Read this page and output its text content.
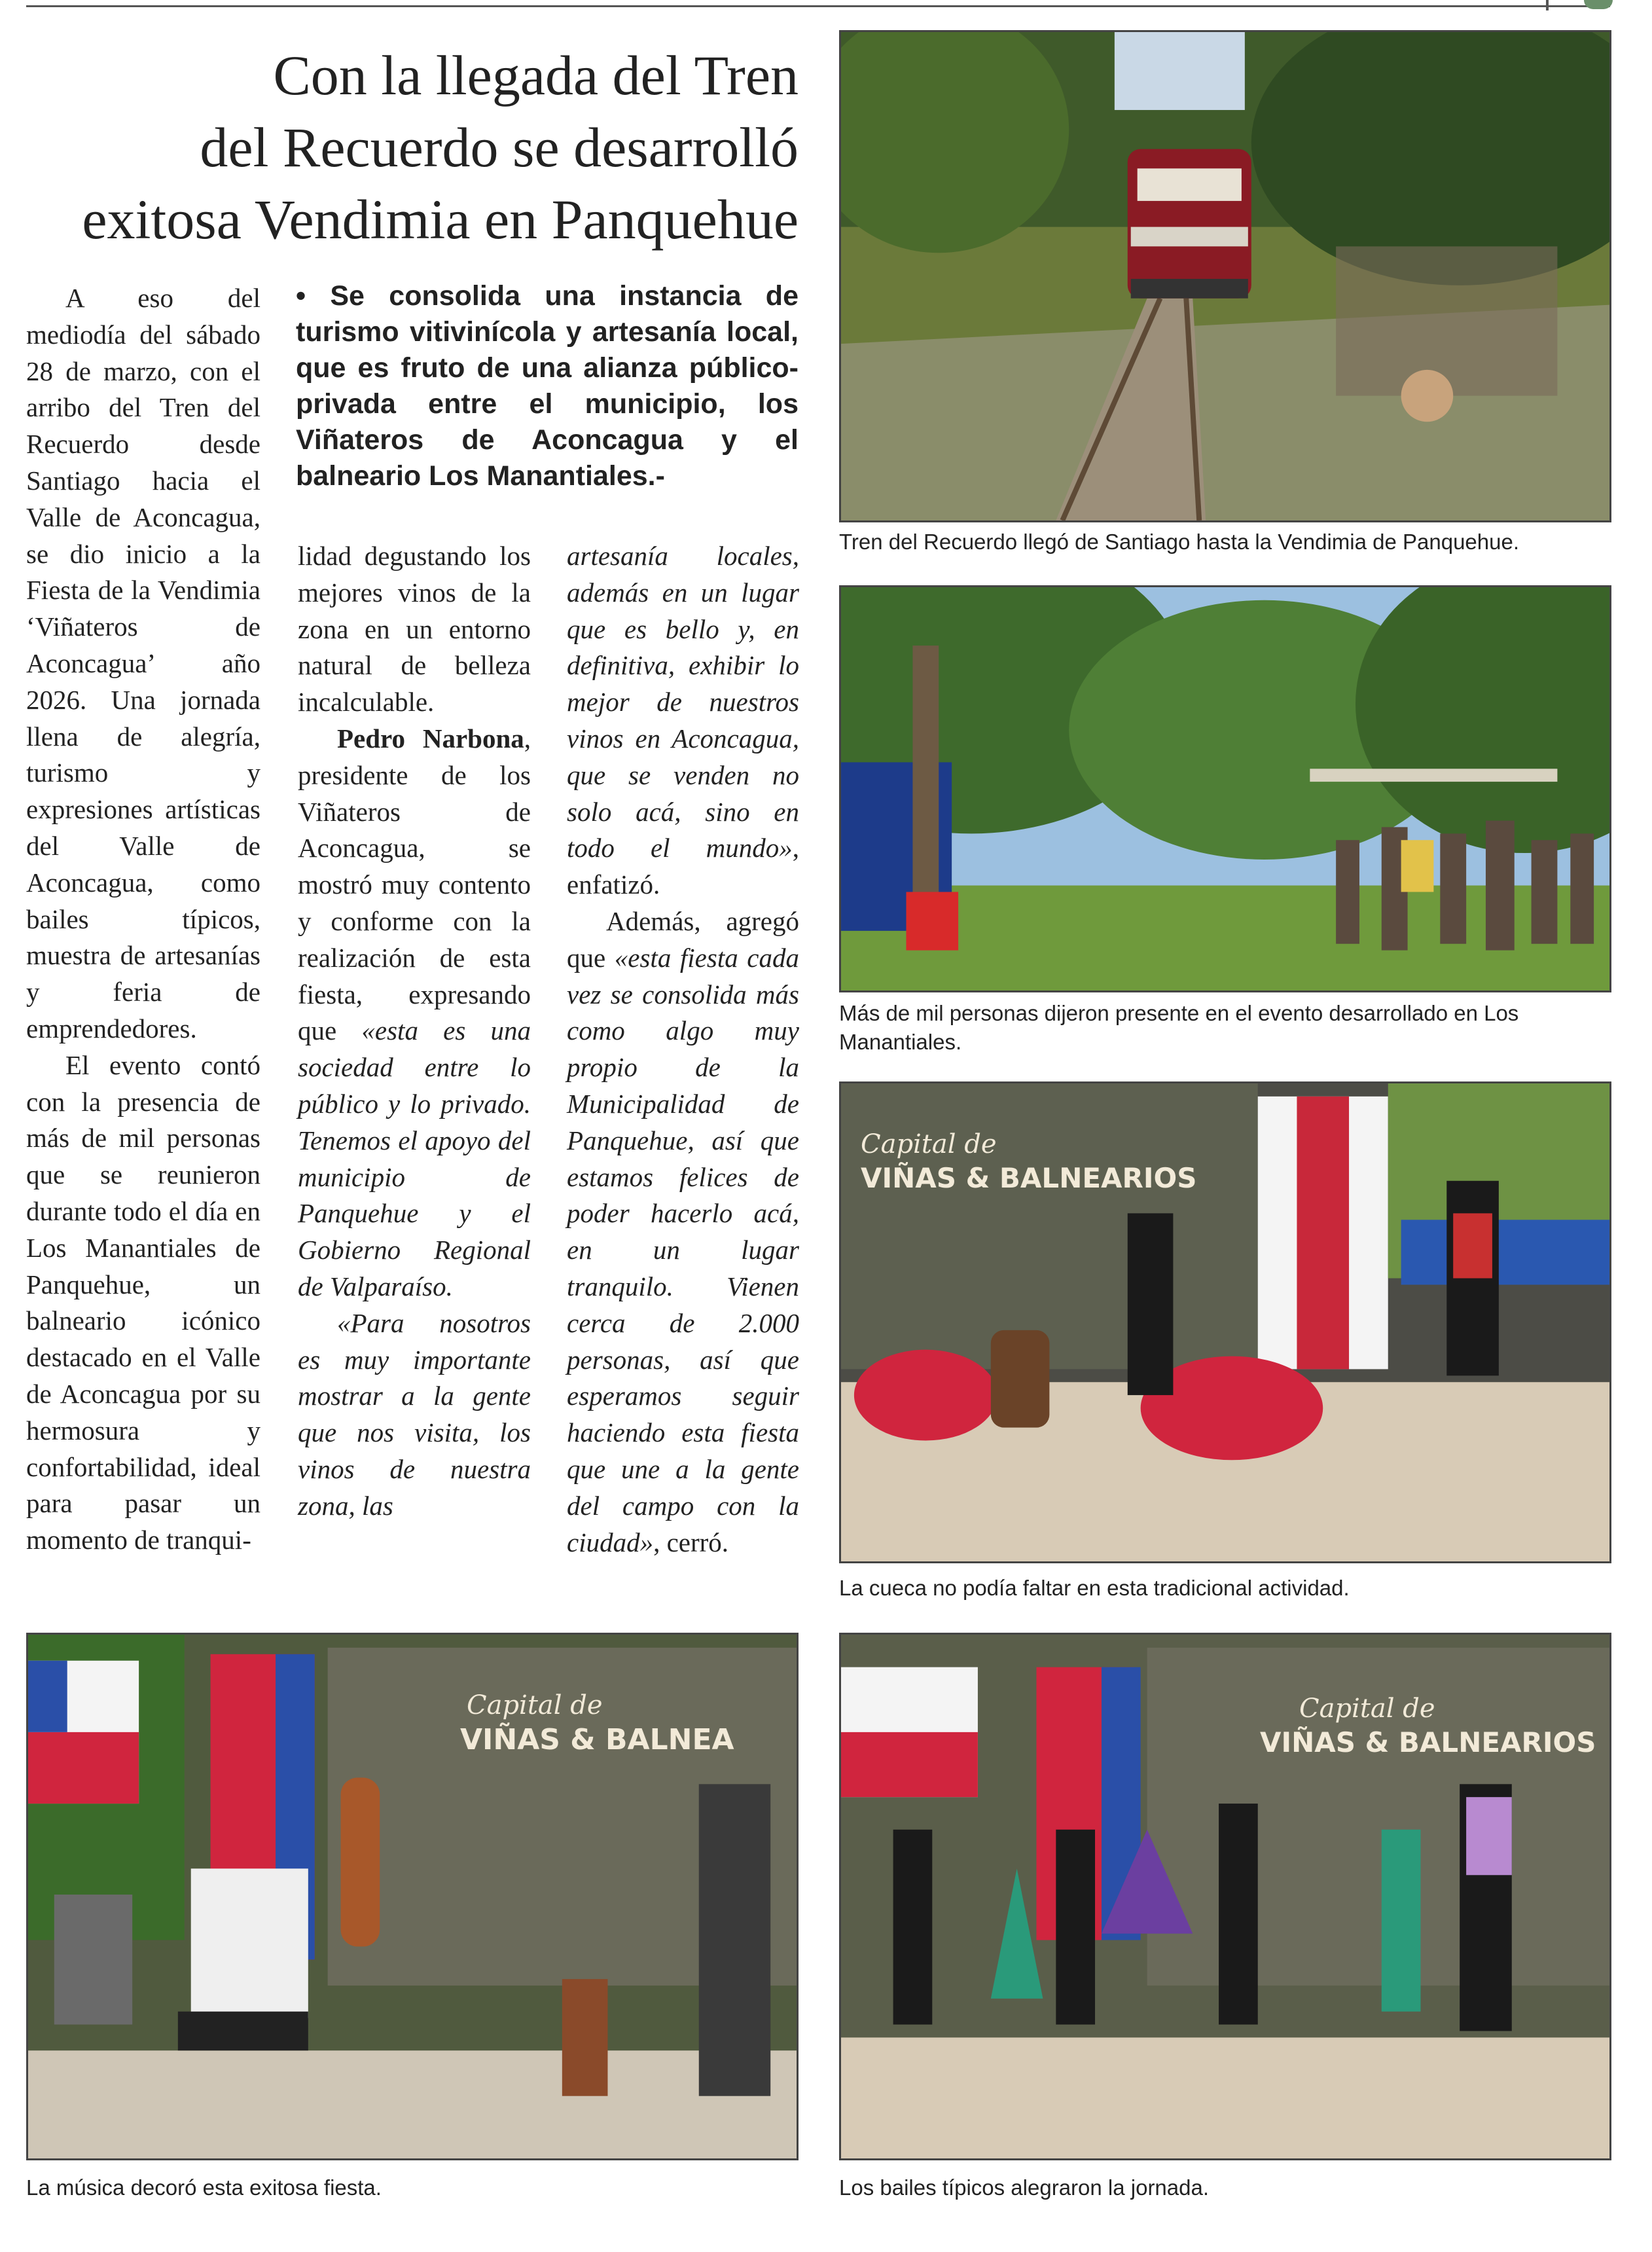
Con la llegada del Tren
del Recuerdo se desarrolló
exitosa Vendimia en Panquehue
• Se consolida una instancia de turismo vitivinícola y artesanía local, que es fruto de una alianza público-privada entre el municipio, los Viñateros de Aconcagua y el balneario Los Manantiales.-

A eso del mediodía del sábado 28 de marzo, con el arribo del Tren del Recuerdo desde Santiago hacia el Valle de Aconcagua, se dio inicio a la Fiesta de la Vendimia ‘Viñateros de Aconcagua’ año 2026. Una jornada llena de alegría, turismo y expresiones artísticas del Valle de Aconcagua, como bailes típicos, muestra de artesanías y feria de emprendedores.

El evento contó con la presencia de más de mil personas que se reunieron durante todo el día en Los Manantiales de Panquehue, un balneario icónico destacado en el Valle de Aconcagua por su hermosura y confortabilidad, ideal para pasar un momento de tranqui-

lidad degustando los mejores vinos de la zona en un entorno natural de belleza incalculable.

Pedro Narbona, presidente de los Viñateros de Aconcagua, se mostró muy contento y conforme con la realización de esta fiesta, expresando que «esta es una sociedad entre lo público y lo privado. Tenemos el apoyo del municipio de Panquehue y el Gobierno Regional de Valparaíso.

«Para nosotros es muy importante mostrar a la gente que nos visita, los vinos de nuestra zona, las

artesanía locales, además en un lugar que es bello y, en definitiva, exhibir lo mejor de nuestros vinos en Aconcagua, que se venden no solo acá, sino en todo el mundo», enfatizó.

Además, agregó que «esta fiesta cada vez se consolida más como algo muy propio de la Municipalidad de Panquehue, así que estamos felices de poder hacerlo acá, en un lugar tranquilo. Vienen cerca de 2.000 personas, así que esperamos seguir haciendo esta fiesta que une a la gente del campo con la ciudad», cerró.

Tren del Recuerdo llegó de Santiago hasta la Vendimia de Panquehue.
Más de mil personas dijeron presente en el evento desarrollado en Los Manantiales.
Capital de
VIÑAS & BALNEARIOS
La cueca no podía faltar en esta tradicional actividad.
Capital de
VIÑAS & BALNEA
La música decoró esta exitosa fiesta.
Capital de
VIÑAS & BALNEARIOS
Los bailes típicos alegraron la jornada.
